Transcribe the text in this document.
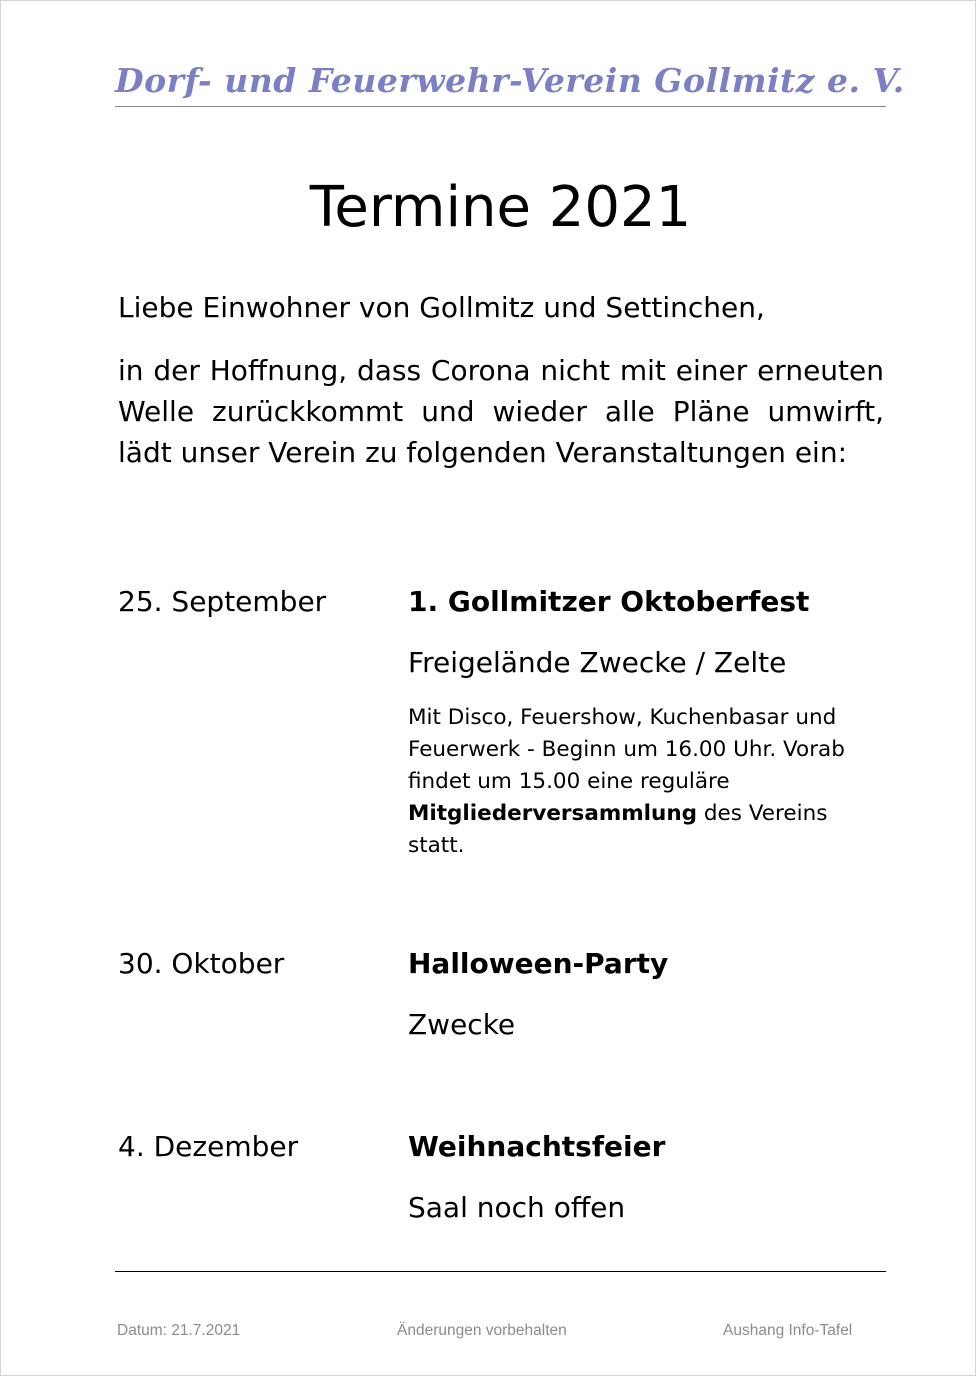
Dorf- und Feuerwehr-Verein Gollmitz e. V.
Termine 2021
Liebe Einwohner von Gollmitz und Settinchen,
in der Hoffnung, dass Corona nicht mit einer erneuten Welle zurückkommt und wieder alle Pläne umwirft, lädt unser Verein zu folgenden Veranstaltungen ein:
25. September	1. Gollmitzer Oktoberfest
Freigelände Zwecke / Zelte
Mit Disco, Feuershow, Kuchenbasar und Feuerwerk - Beginn um 16.00 Uhr. Vorab findet um 15.00 eine reguläre Mitgliederversammlung des Vereins statt.
30. Oktober	Halloween-Party
Zwecke
4. Dezember	Weihnachtsfeier
Saal noch offen
Datum: 21.7.2021	Änderungen vorbehalten	Aushang Info-Tafel
